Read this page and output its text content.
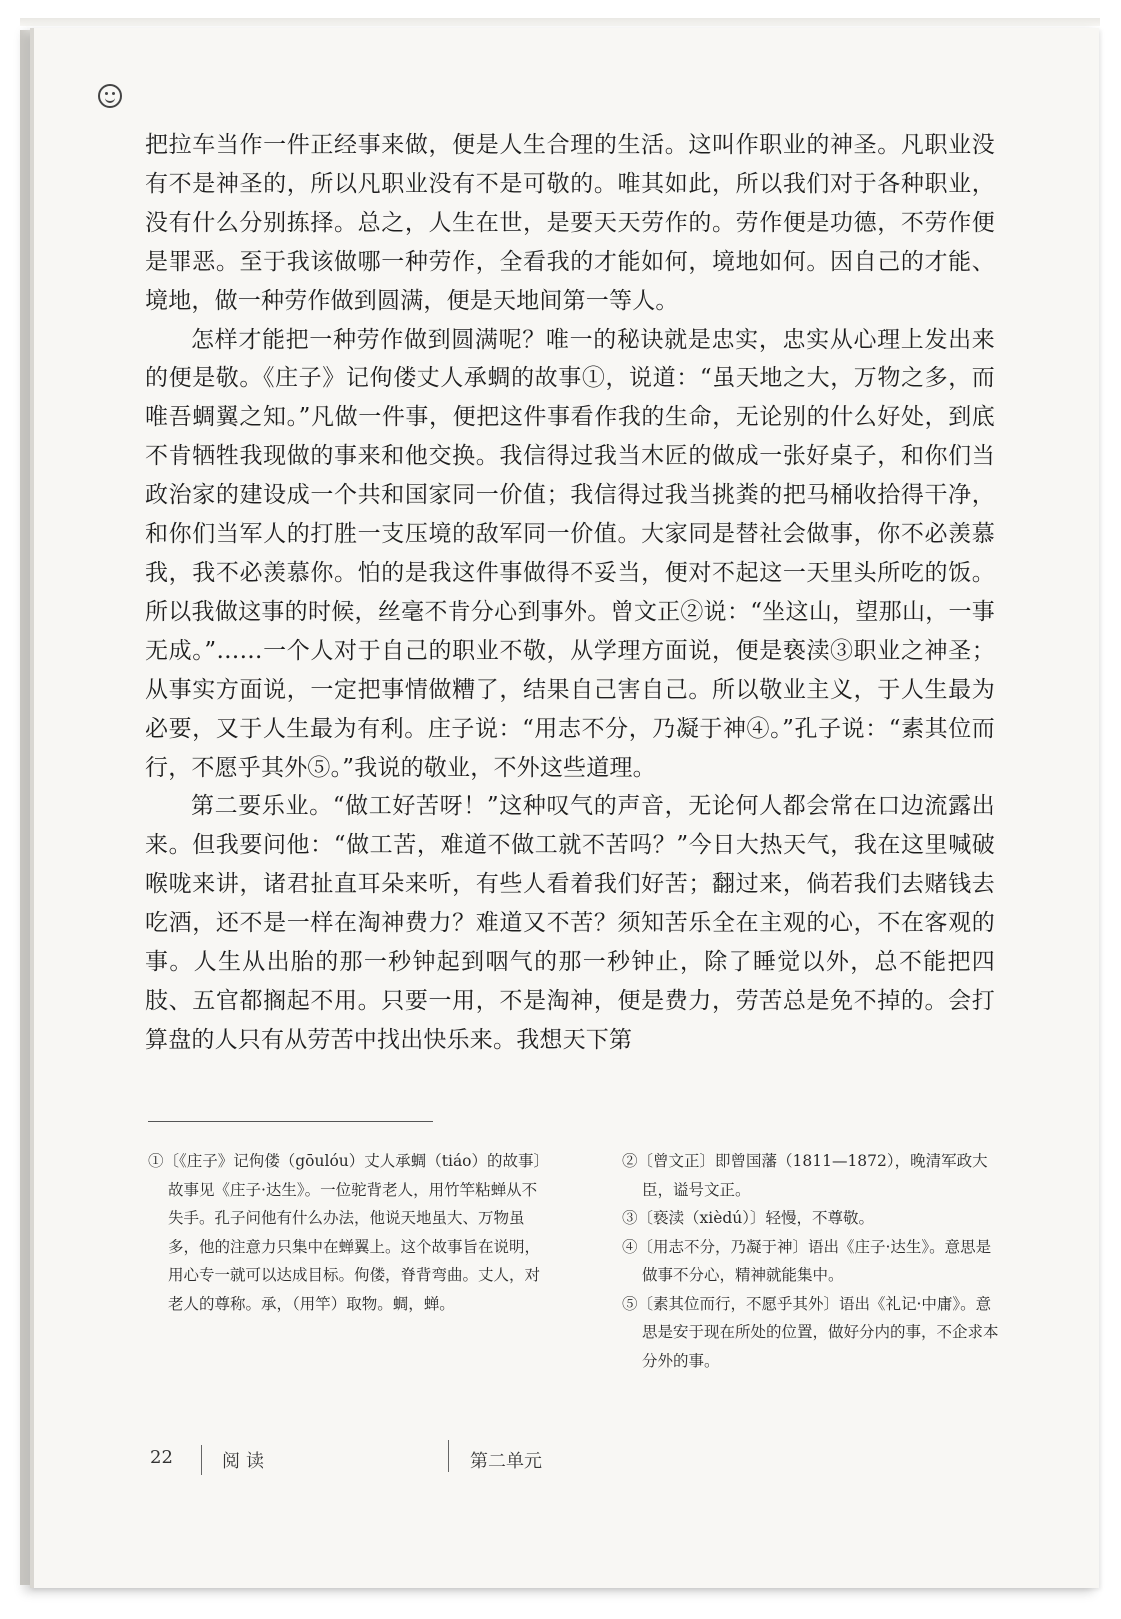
把拉车当作一件正经事来做，便是人生合理的生活。这叫作职业的神圣。凡职业没有不是神圣的，所以凡职业没有不是可敬的。唯其如此，所以我们对于各种职业，没有什么分别拣择。总之，人生在世，是要天天劳作的。劳作便是功德，不劳作便是罪恶。至于我该做哪一种劳作，全看我的才能如何，境地如何。因自己的才能、境地，做一种劳作做到圆满，便是天地间第一等人。

怎样才能把一种劳作做到圆满呢？唯一的秘诀就是忠实，忠实从心理上发出来的便是敬。《庄子》记佝偻丈人承蜩的故事①，说道：“虽天地之大，万物之多，而唯吾蜩翼之知。”凡做一件事，便把这件事看作我的生命，无论别的什么好处，到底不肯牺牲我现做的事来和他交换。我信得过我当木匠的做成一张好桌子，和你们当政治家的建设成一个共和国家同一价值；我信得过我当挑粪的把马桶收拾得干净，和你们当军人的打胜一支压境的敌军同一价值。大家同是替社会做事，你不必羡慕我，我不必羡慕你。怕的是我这件事做得不妥当，便对不起这一天里头所吃的饭。所以我做这事的时候，丝毫不肯分心到事外。曾文正②说：“坐这山，望那山，一事无成。”……一个人对于自己的职业不敬，从学理方面说，便是亵渎③职业之神圣；从事实方面说，一定把事情做糟了，结果自己害自己。所以敬业主义，于人生最为必要，又于人生最为有利。庄子说：“用志不分，乃凝于神④。”孔子说：“素其位而行，不愿乎其外⑤。”我说的敬业，不外这些道理。

第二要乐业。“做工好苦呀！”这种叹气的声音，无论何人都会常在口边流露出来。但我要问他：“做工苦，难道不做工就不苦吗？”今日大热天气，我在这里喊破喉咙来讲，诸君扯直耳朵来听，有些人看着我们好苦；翻过来，倘若我们去赌钱去吃酒，还不是一样在淘神费力？难道又不苦？须知苦乐全在主观的心，不在客观的事。人生从出胎的那一秒钟起到咽气的那一秒钟止，除了睡觉以外，总不能把四肢、五官都搁起不用。只要一用，不是淘神，便是费力，劳苦总是免不掉的。会打算盘的人只有从劳苦中找出快乐来。我想天下第

①〔《庄子》记佝偻（gōulóu）丈人承蜩（tiáo）的故事〕故事见《庄子·达生》。一位驼背老人，用竹竿粘蝉从不失手。孔子问他有什么办法，他说天地虽大、万物虽多，他的注意力只集中在蝉翼上。这个故事旨在说明，用心专一就可以达成目标。佝偻，脊背弯曲。丈人，对老人的尊称。承，（用竿）取物。蜩，蝉。

②〔曾文正〕即曾国藩（1811—1872），晚清军政大臣，谥号文正。

③〔亵渎（xièdú）〕轻慢，不尊敬。

④〔用志不分，乃凝于神〕语出《庄子·达生》。意思是做事不分心，精神就能集中。

⑤〔素其位而行，不愿乎其外〕语出《礼记·中庸》。意思是安于现在所处的位置，做好分内的事，不企求本分外的事。

22	阅读	第二单元
